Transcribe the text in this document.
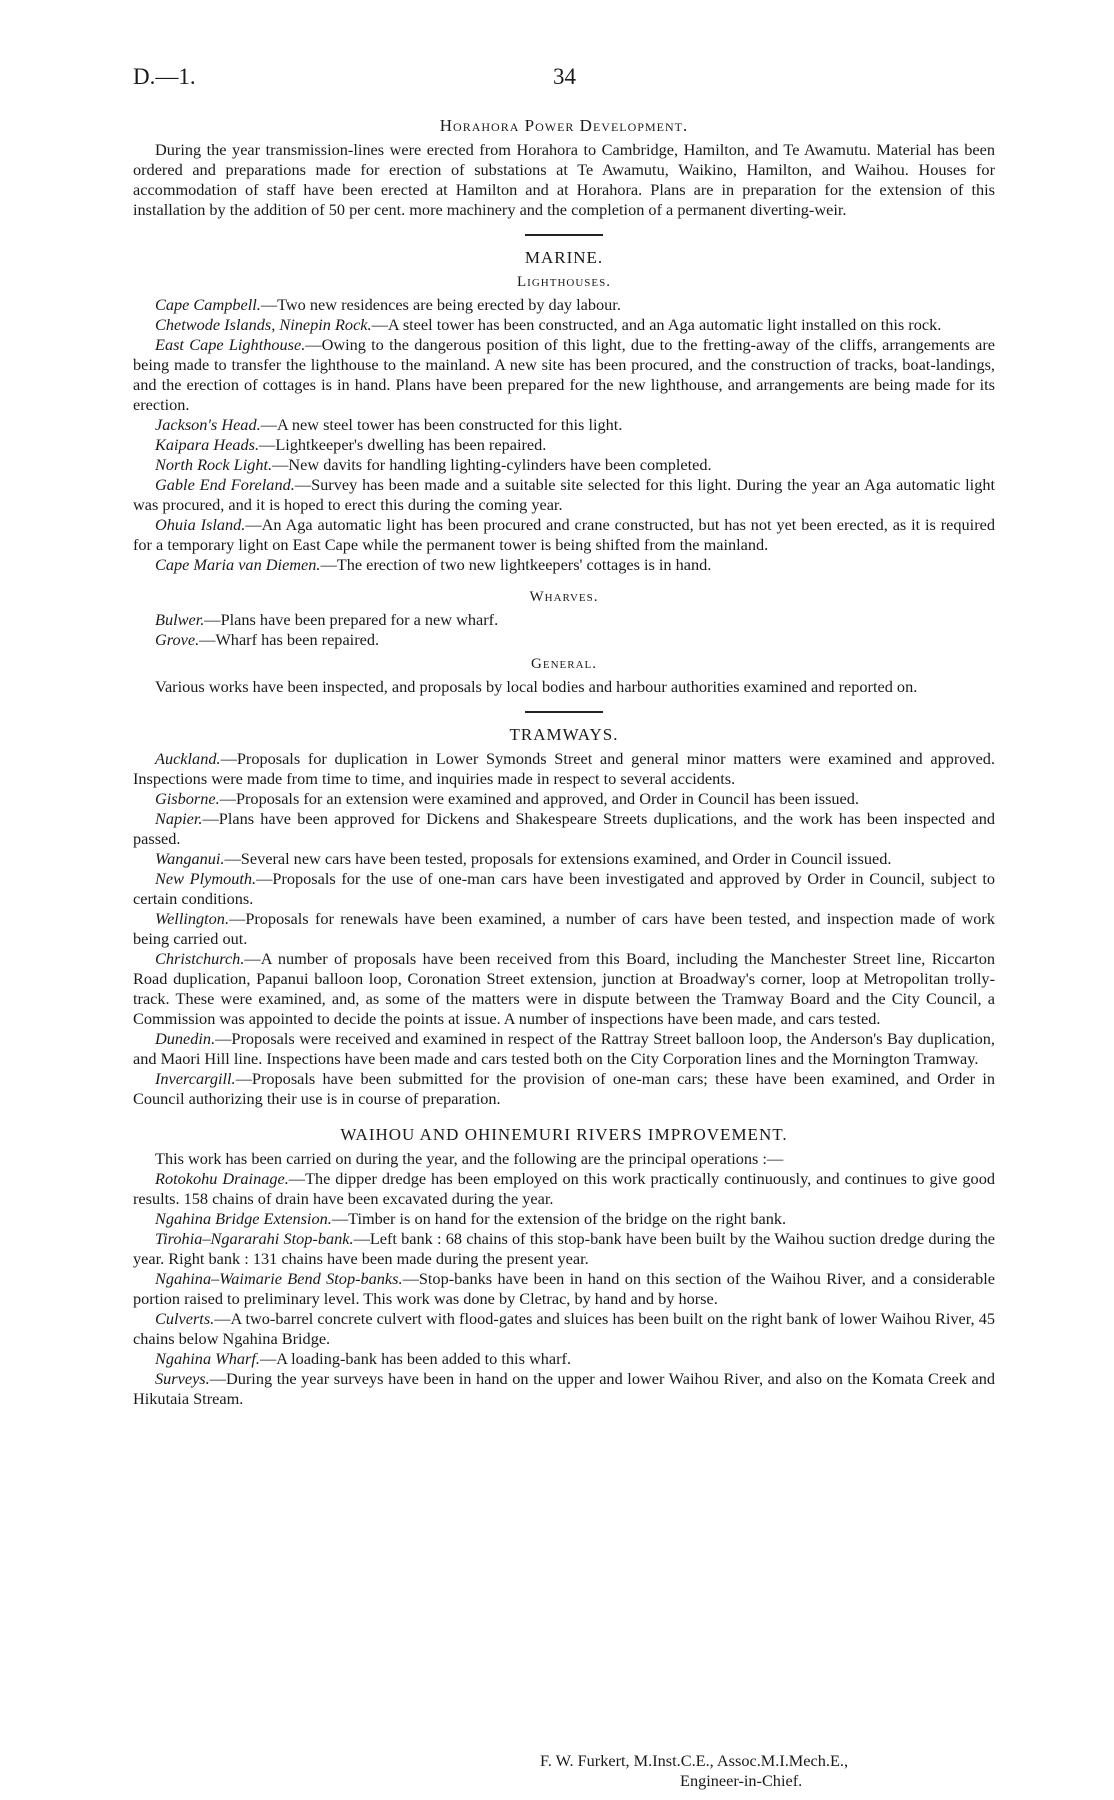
D.—1.	34
Horahora Power Development.

During the year transmission-lines were erected from Horahora to Cambridge, Hamilton, and Te Awamutu. Material has been ordered and preparations made for erection of substations at Te Awamutu, Waikino, Hamilton, and Waihou. Houses for accommodation of staff have been erected at Hamilton and at Horahora. Plans are in preparation for the extension of this installation by the addition of 50 per cent. more machinery and the completion of a permanent diverting-weir.

MARINE.
Lighthouses.

Cape Campbell.—Two new residences are being erected by day labour.

Chetwode Islands, Ninepin Rock.—A steel tower has been constructed, and an Aga automatic light installed on this rock.

East Cape Lighthouse.—Owing to the dangerous position of this light, due to the fretting-away of the cliffs, arrangements are being made to transfer the lighthouse to the mainland. A new site has been procured, and the construction of tracks, boat-landings, and the erection of cottages is in hand. Plans have been prepared for the new lighthouse, and arrangements are being made for its erection.

Jackson's Head.—A new steel tower has been constructed for this light.

Kaipara Heads.—Lightkeeper's dwelling has been repaired.

North Rock Light.—New davits for handling lighting-cylinders have been completed.

Gable End Foreland.—Survey has been made and a suitable site selected for this light. During the year an Aga automatic light was procured, and it is hoped to erect this during the coming year.

Ohuia Island.—An Aga automatic light has been procured and crane constructed, but has not yet been erected, as it is required for a temporary light on East Cape while the permanent tower is being shifted from the mainland.

Cape Maria van Diemen.—The erection of two new lightkeepers' cottages is in hand.

Wharves.

Bulwer.—Plans have been prepared for a new wharf.

Grove.—Wharf has been repaired.

General.

Various works have been inspected, and proposals by local bodies and harbour authorities examined and reported on.

TRAMWAYS.

Auckland.—Proposals for duplication in Lower Symonds Street and general minor matters were examined and approved. Inspections were made from time to time, and inquiries made in respect to several accidents.

Gisborne.—Proposals for an extension were examined and approved, and Order in Council has been issued.

Napier.—Plans have been approved for Dickens and Shakespeare Streets duplications, and the work has been inspected and passed.

Wanganui.—Several new cars have been tested, proposals for extensions examined, and Order in Council issued.

New Plymouth.—Proposals for the use of one-man cars have been investigated and approved by Order in Council, subject to certain conditions.

Wellington.—Proposals for renewals have been examined, a number of cars have been tested, and inspection made of work being carried out.

Christchurch.—A number of proposals have been received from this Board, including the Manchester Street line, Riccarton Road duplication, Papanui balloon loop, Coronation Street extension, junction at Broadway's corner, loop at Metropolitan trolly-track. These were examined, and, as some of the matters were in dispute between the Tramway Board and the City Council, a Commission was appointed to decide the points at issue. A number of inspections have been made, and cars tested.

Dunedin.—Proposals were received and examined in respect of the Rattray Street balloon loop, the Anderson's Bay duplication, and Maori Hill line. Inspections have been made and cars tested both on the City Corporation lines and the Mornington Tramway.

Invercargill.—Proposals have been submitted for the provision of one-man cars; these have been examined, and Order in Council authorizing their use is in course of preparation.

WAIHOU AND OHINEMURI RIVERS IMPROVEMENT.

This work has been carried on during the year, and the following are the principal operations :—

Rotokohu Drainage.—The dipper dredge has been employed on this work practically continuously, and continues to give good results. 158 chains of drain have been excavated during the year.

Ngahina Bridge Extension.—Timber is on hand for the extension of the bridge on the right bank.

Tirohia–Ngararahi Stop-bank.—Left bank : 68 chains of this stop-bank have been built by the Waihou suction dredge during the year. Right bank : 131 chains have been made during the present year.

Ngahina–Waimarie Bend Stop-banks.—Stop-banks have been in hand on this section of the Waihou River, and a considerable portion raised to preliminary level. This work was done by Cletrac, by hand and by horse.

Culverts.—A two-barrel concrete culvert with flood-gates and sluices has been built on the right bank of lower Waihou River, 45 chains below Ngahina Bridge.

Ngahina Wharf.—A loading-bank has been added to this wharf.

Surveys.—During the year surveys have been in hand on the upper and lower Waihou River, and also on the Komata Creek and Hikutaia Stream.

F. W. Furkert, M.Inst.C.E., Assoc.M.I.Mech.E.,
Engineer-in-Chief.
